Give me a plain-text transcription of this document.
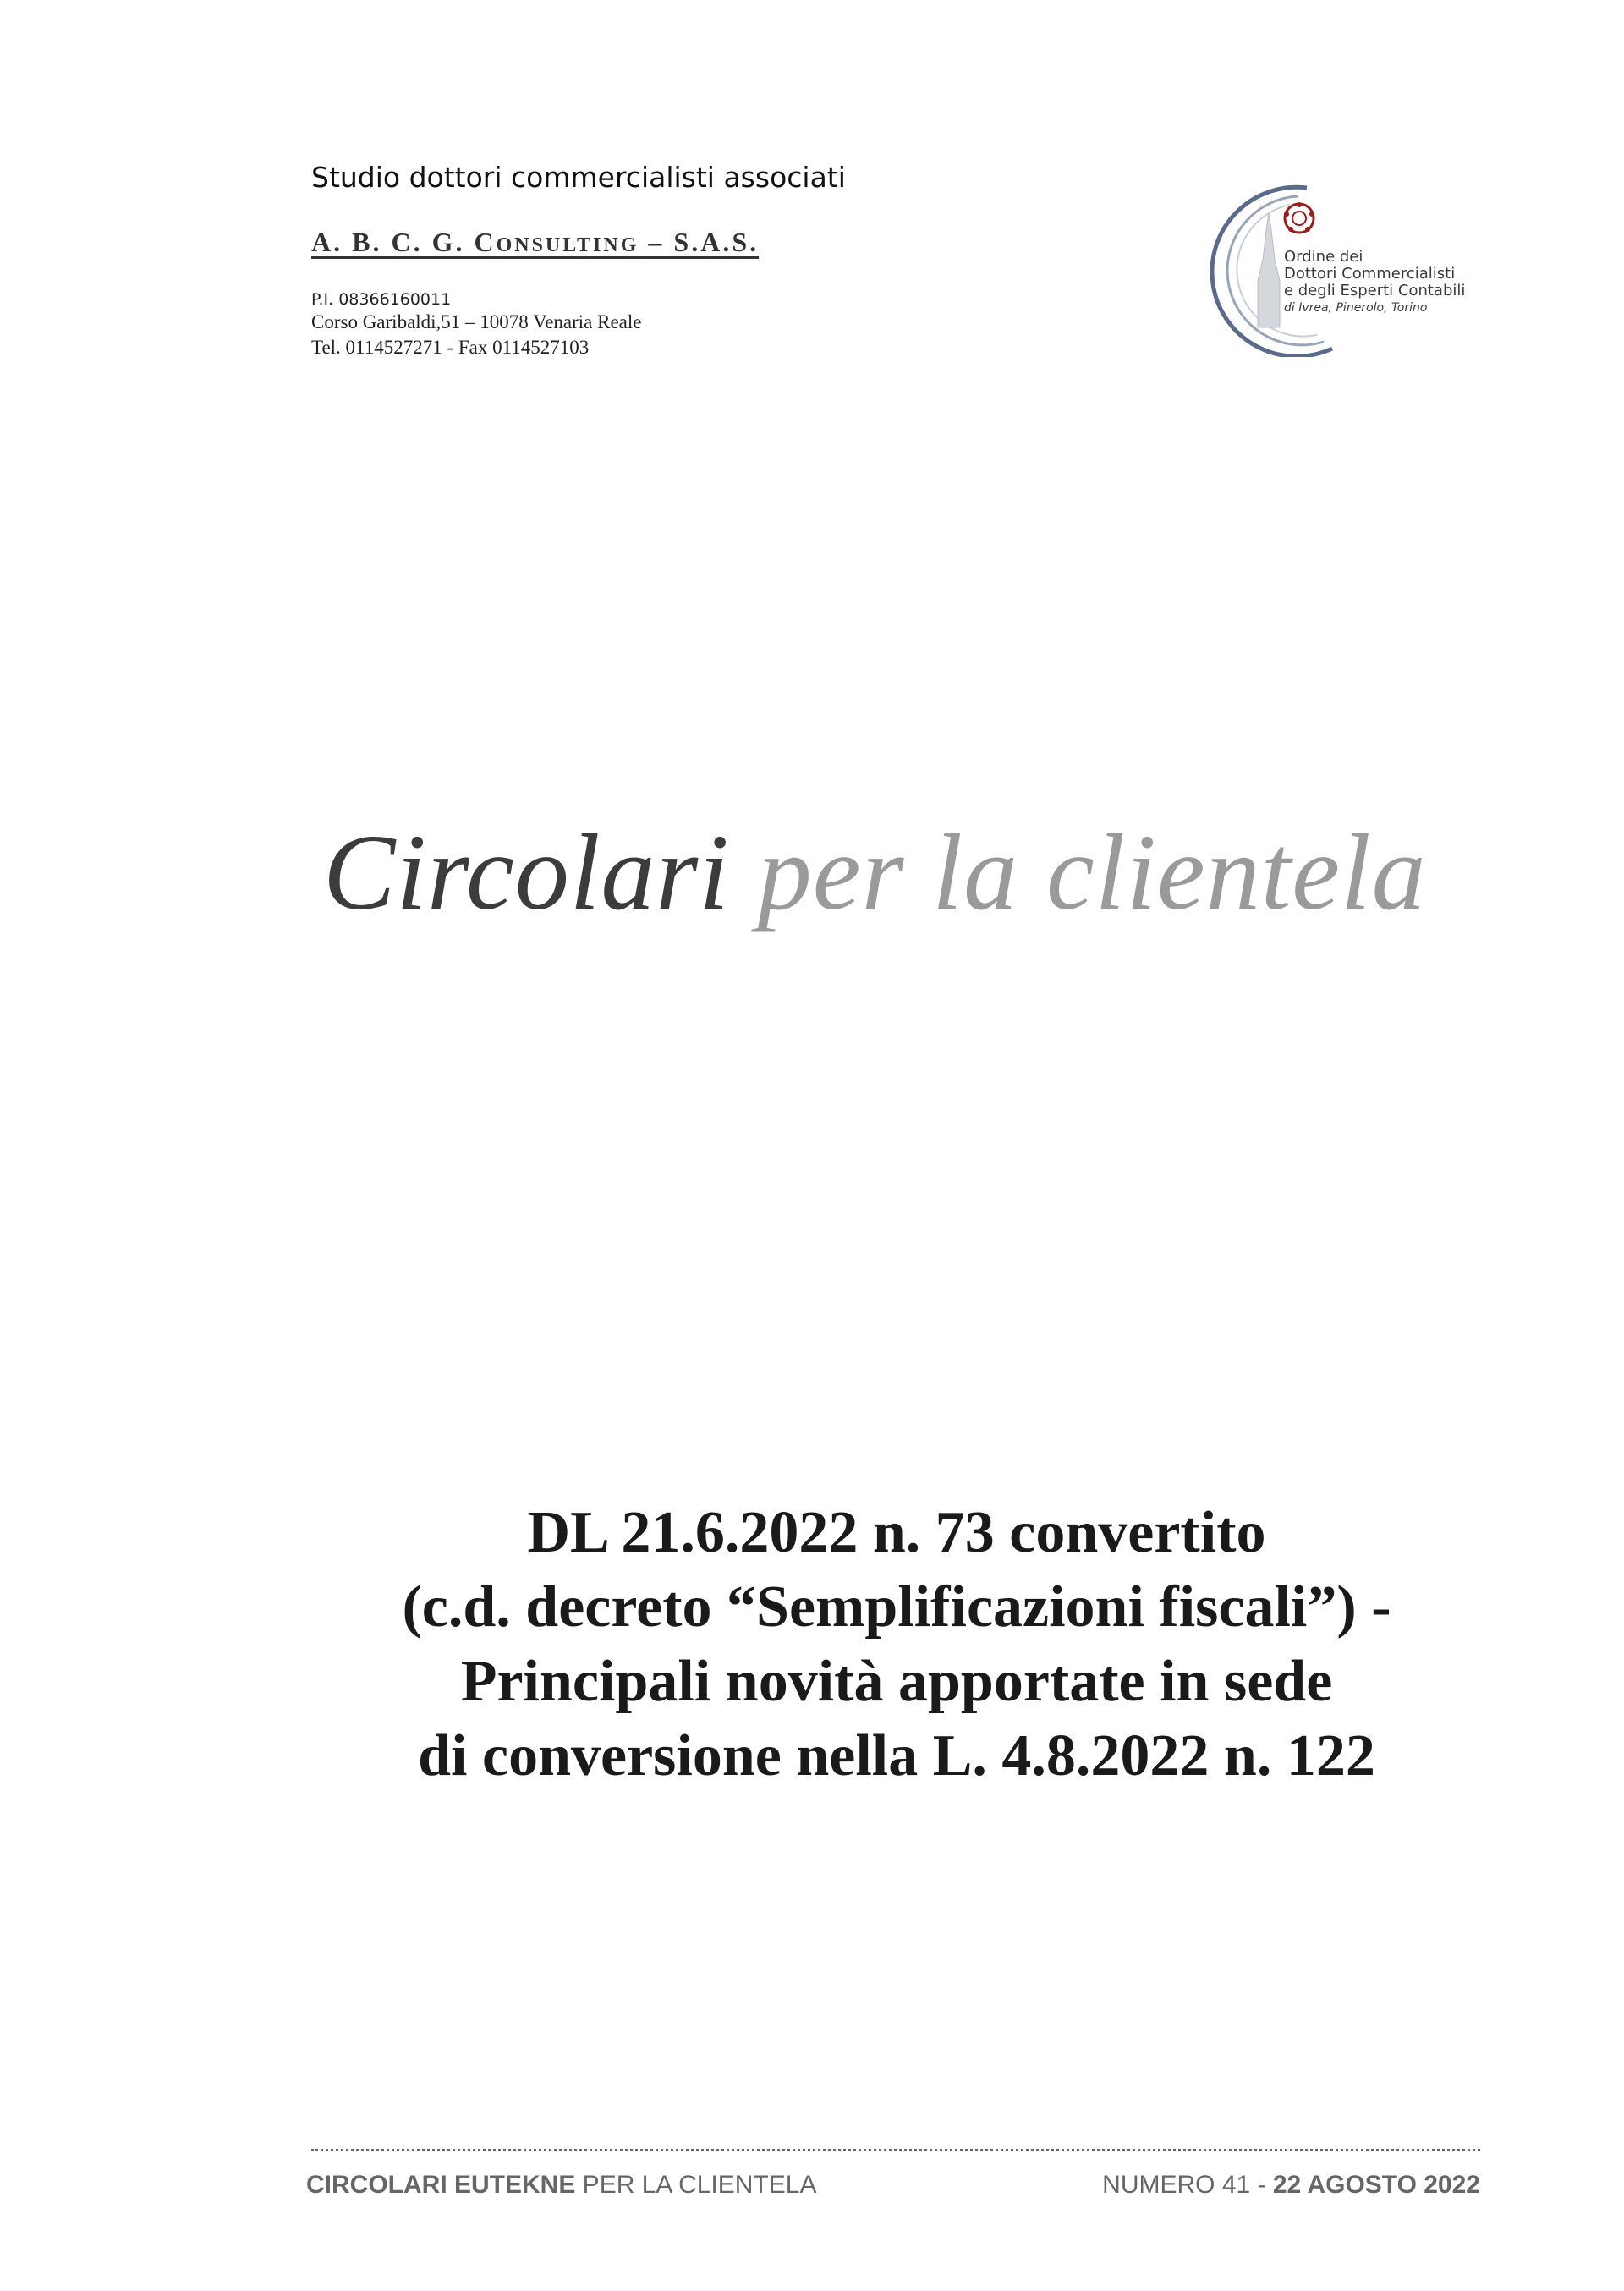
Studio dottori commercialisti associati
A. B. C. G. CONSULTING – S.A.S.
P.I. 08366160011
Corso Garibaldi,51 – 10078 Venaria Reale
Tel. 0114527271 - Fax 0114527103
Ordine dei
Dottori Commercialisti
e degli Esperti Contabili
di Ivrea, Pinerolo, Torino
Circolari per la clientela
DL 21.6.2022 n. 73 convertito
(c.d. decreto “Semplificazioni fiscali”) -
Principali novità apportate in sede
di conversione nella L. 4.8.2022 n. 122
CIRCOLARI EUTEKNE PER LA CLIENTELA	NUMERO 41 - 22 AGOSTO 2022
